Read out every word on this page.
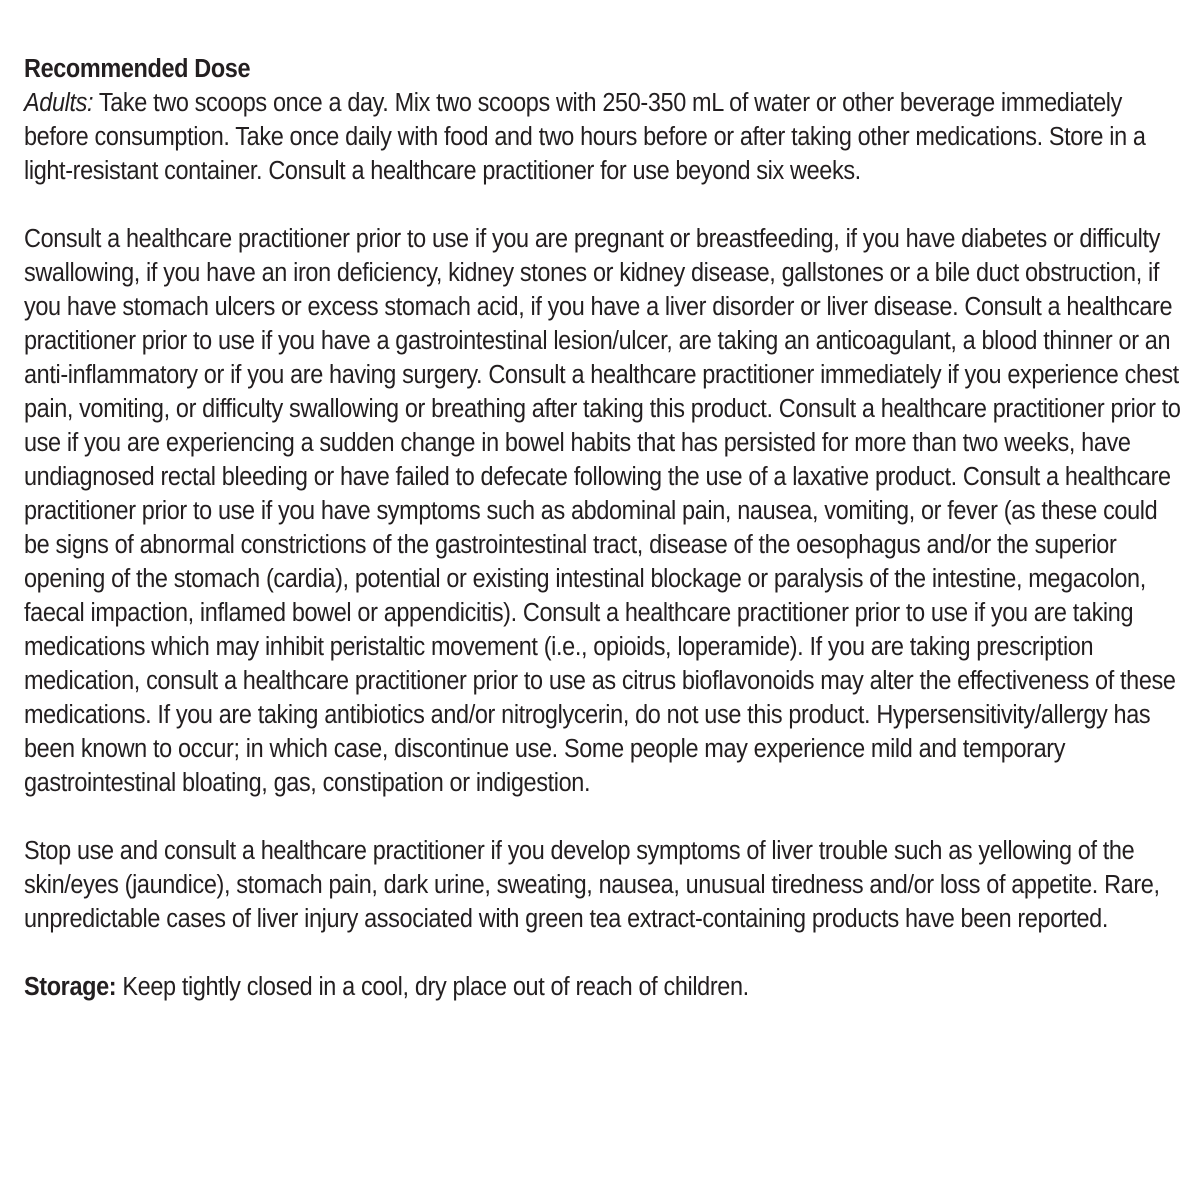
Recommended Dose

Adults: Take two scoops once a day. Mix two scoops with 250-350 mL of water or other beverage immediately before consumption. Take once daily with food and two hours before or after taking other medications. Store in a light-resistant container. Consult a healthcare practitioner for use beyond six weeks.

Consult a healthcare practitioner prior to use if you are pregnant or breastfeeding, if you have diabetes or difficulty swallowing, if you have an iron deficiency, kidney stones or kidney disease, gallstones or a bile duct obstruction, if you have stomach ulcers or excess stomach acid, if you have a liver disorder or liver disease. Consult a healthcare practitioner prior to use if you have a gastrointestinal lesion/ulcer, are taking an anticoagulant, a blood thinner or an anti-inflammatory or if you are having surgery. Consult a healthcare practitioner immediately if you experience chest pain, vomiting, or difficulty swallowing or breathing after taking this product. Consult a healthcare practitioner prior to use if you are experiencing a sudden change in bowel habits that has persisted for more than two weeks, have undiagnosed rectal bleeding or have failed to defecate following the use of a laxative product. Consult a healthcare practitioner prior to use if you have symptoms such as abdominal pain, nausea, vomiting, or fever (as these could be signs of abnormal constrictions of the gastrointestinal tract, disease of the oesophagus and/or the superior opening of the stomach (cardia), potential or existing intestinal blockage or paralysis of the intestine, megacolon, faecal impaction, inflamed bowel or appendicitis). Consult a healthcare practitioner prior to use if you are taking medications which may inhibit peristaltic movement (i.e., opioids, loperamide). If you are taking prescription medication, consult a healthcare practitioner prior to use as citrus bioflavonoids may alter the effectiveness of these medications. If you are taking antibiotics and/or nitroglycerin, do not use this product. Hypersensitivity/allergy has been known to occur; in which case, discontinue use. Some people may experience mild and temporary gastrointestinal bloating, gas, constipation or indigestion.

Stop use and consult a healthcare practitioner if you develop symptoms of liver trouble such as yellowing of the skin/eyes (jaundice), stomach pain, dark urine, sweating, nausea, unusual tiredness and/or loss of appetite. Rare, unpredictable cases of liver injury associated with green tea extract-containing products have been reported.

Storage: Keep tightly closed in a cool, dry place out of reach of children.
